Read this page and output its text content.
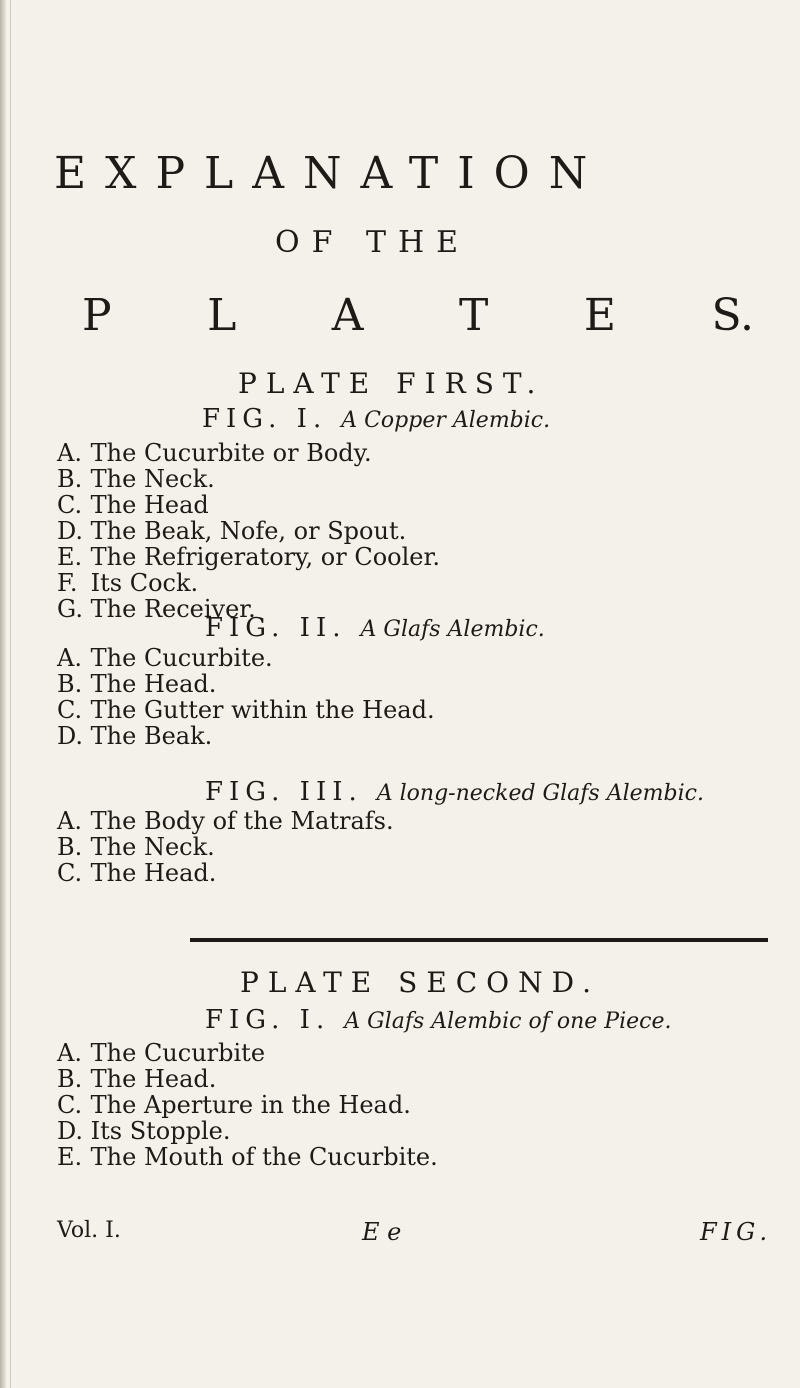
EXPLANATION
OF THE
P L A T E S.
PLATE FIRST.
FIG. I. A Copper Alembic.
A. The Cucurbite or Body.
B. The Neck.
C. The Head
D. The Beak, Nofe, or Spout.
E. The Refrigeratory, or Cooler.
F. Its Cock.
G. The Receiver.
FIG. II. A Glafs Alembic.
A. The Cucurbite.
B. The Head.
C. The Gutter within the Head.
D. The Beak.
FIG. III. A long-necked Glafs Alembic.
A. The Body of the Matrafs.
B. The Neck.
C. The Head.
PLATE SECOND.
FIG. I. A Glafs Alembic of one Piece.
A. The Cucurbite
B. The Head.
C. The Aperture in the Head.
D. Its Stopple.
E. The Mouth of the Cucurbite.
Vol. I.	E e	FIG.
